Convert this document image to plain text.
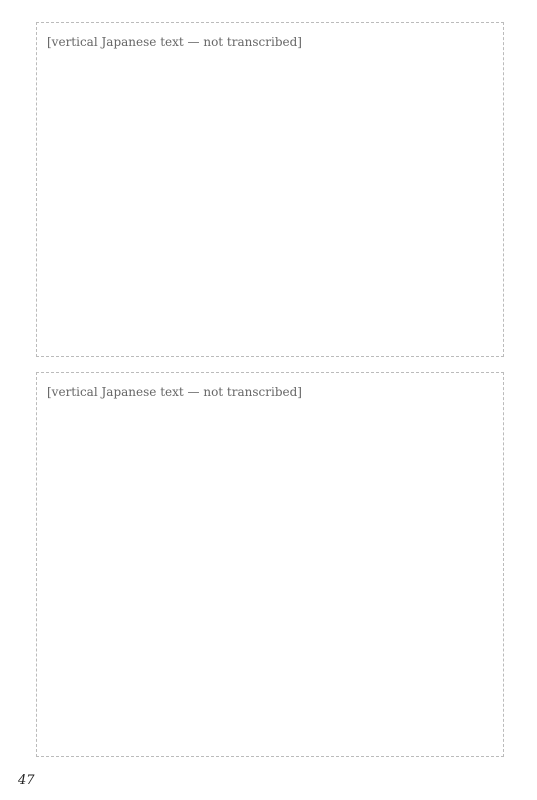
[vertical Japanese text — not transcribed]
[vertical Japanese text — not transcribed]
47
